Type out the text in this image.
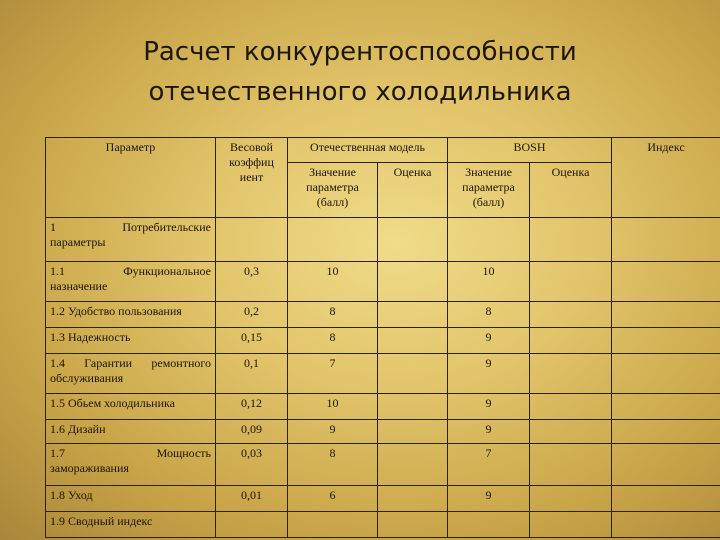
Расчет конкурентоспособности
отечественного холодильника
Параметр	Весовой коэффиц иент	Отечественная модель		BOSH		Индекс
		Значение параметра (балл)	Оценка	Значение параметра (балл)	Оценка	

1 Потребительские
параметры						

1.1 Функциональное
назначение	0,3	10		10		
1.2 Удобство пользования	0,2	8		8		
1.3 Надежность	0,15	8		9		
1.4 Гарантии ремонтного обслуживания	0,1	7		9		
1.5 Обьем холодильника	0,12	10		9		
1.6 Дизайн	0,09	9		9		

1.7 Мощность
замораживания	0,03	8		7		
1.8 Уход	0,01	6		9		
1.9 Сводный индекс						
